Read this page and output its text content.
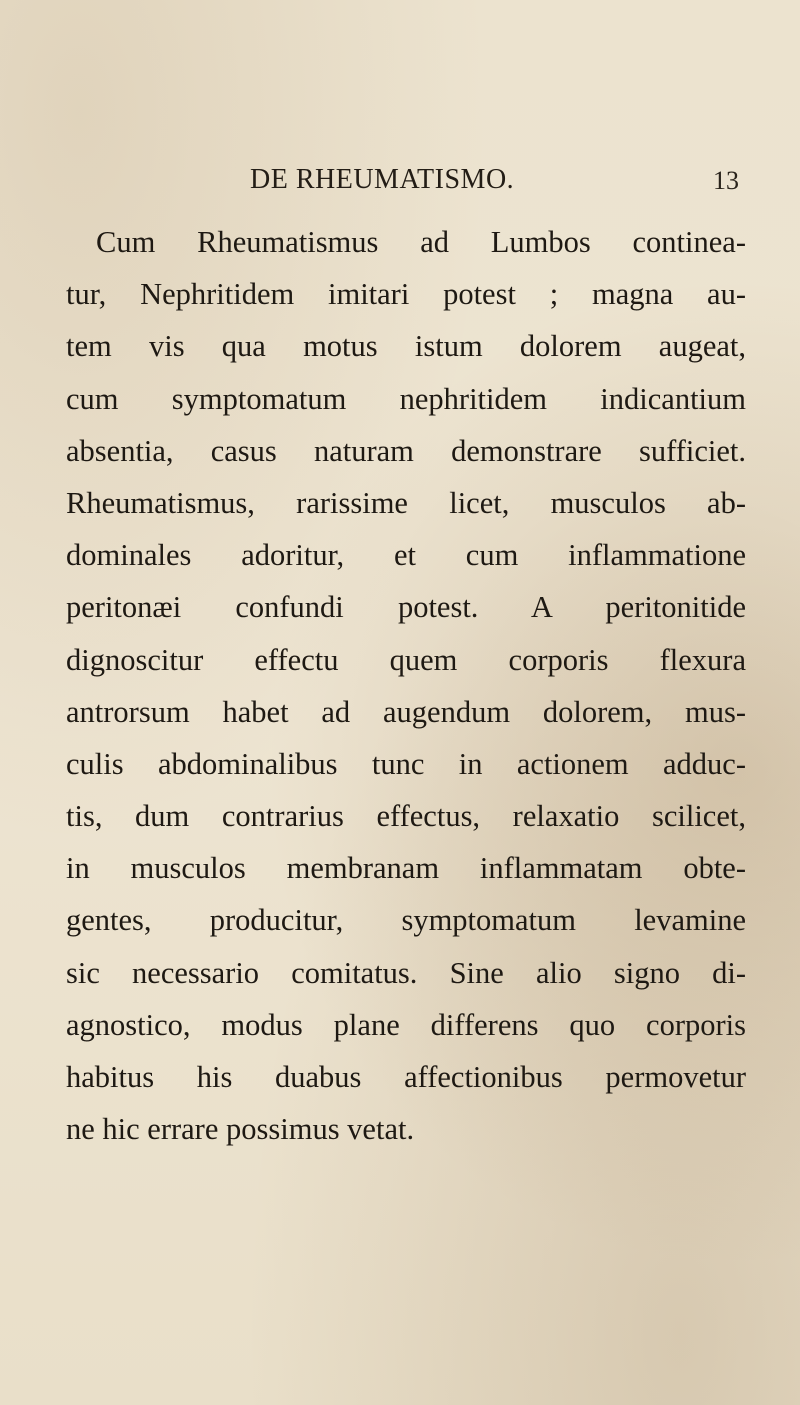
DE RHEUMATISMO.	13
Cum Rheumatismus ad Lumbos continea-
tur, Nephritidem imitari potest ; magna au-
tem vis qua motus istum dolorem augeat,
cum symptomatum nephritidem indicantium
absentia, casus naturam demonstrare sufficiet.
Rheumatismus, rarissime licet, musculos ab-
dominales adoritur, et cum inflammatione
peritonæi confundi potest. A peritonitide
dignoscitur effectu quem corporis flexura
antrorsum habet ad augendum dolorem, mus-
culis abdominalibus tunc in actionem adduc-
tis, dum contrarius effectus, relaxatio scilicet,
in musculos membranam inflammatam obte-
gentes, producitur, symptomatum levamine
sic necessario comitatus. Sine alio signo di-
agnostico, modus plane differens quo corporis
habitus his duabus affectionibus permovetur
ne hic errare possimus vetat.
